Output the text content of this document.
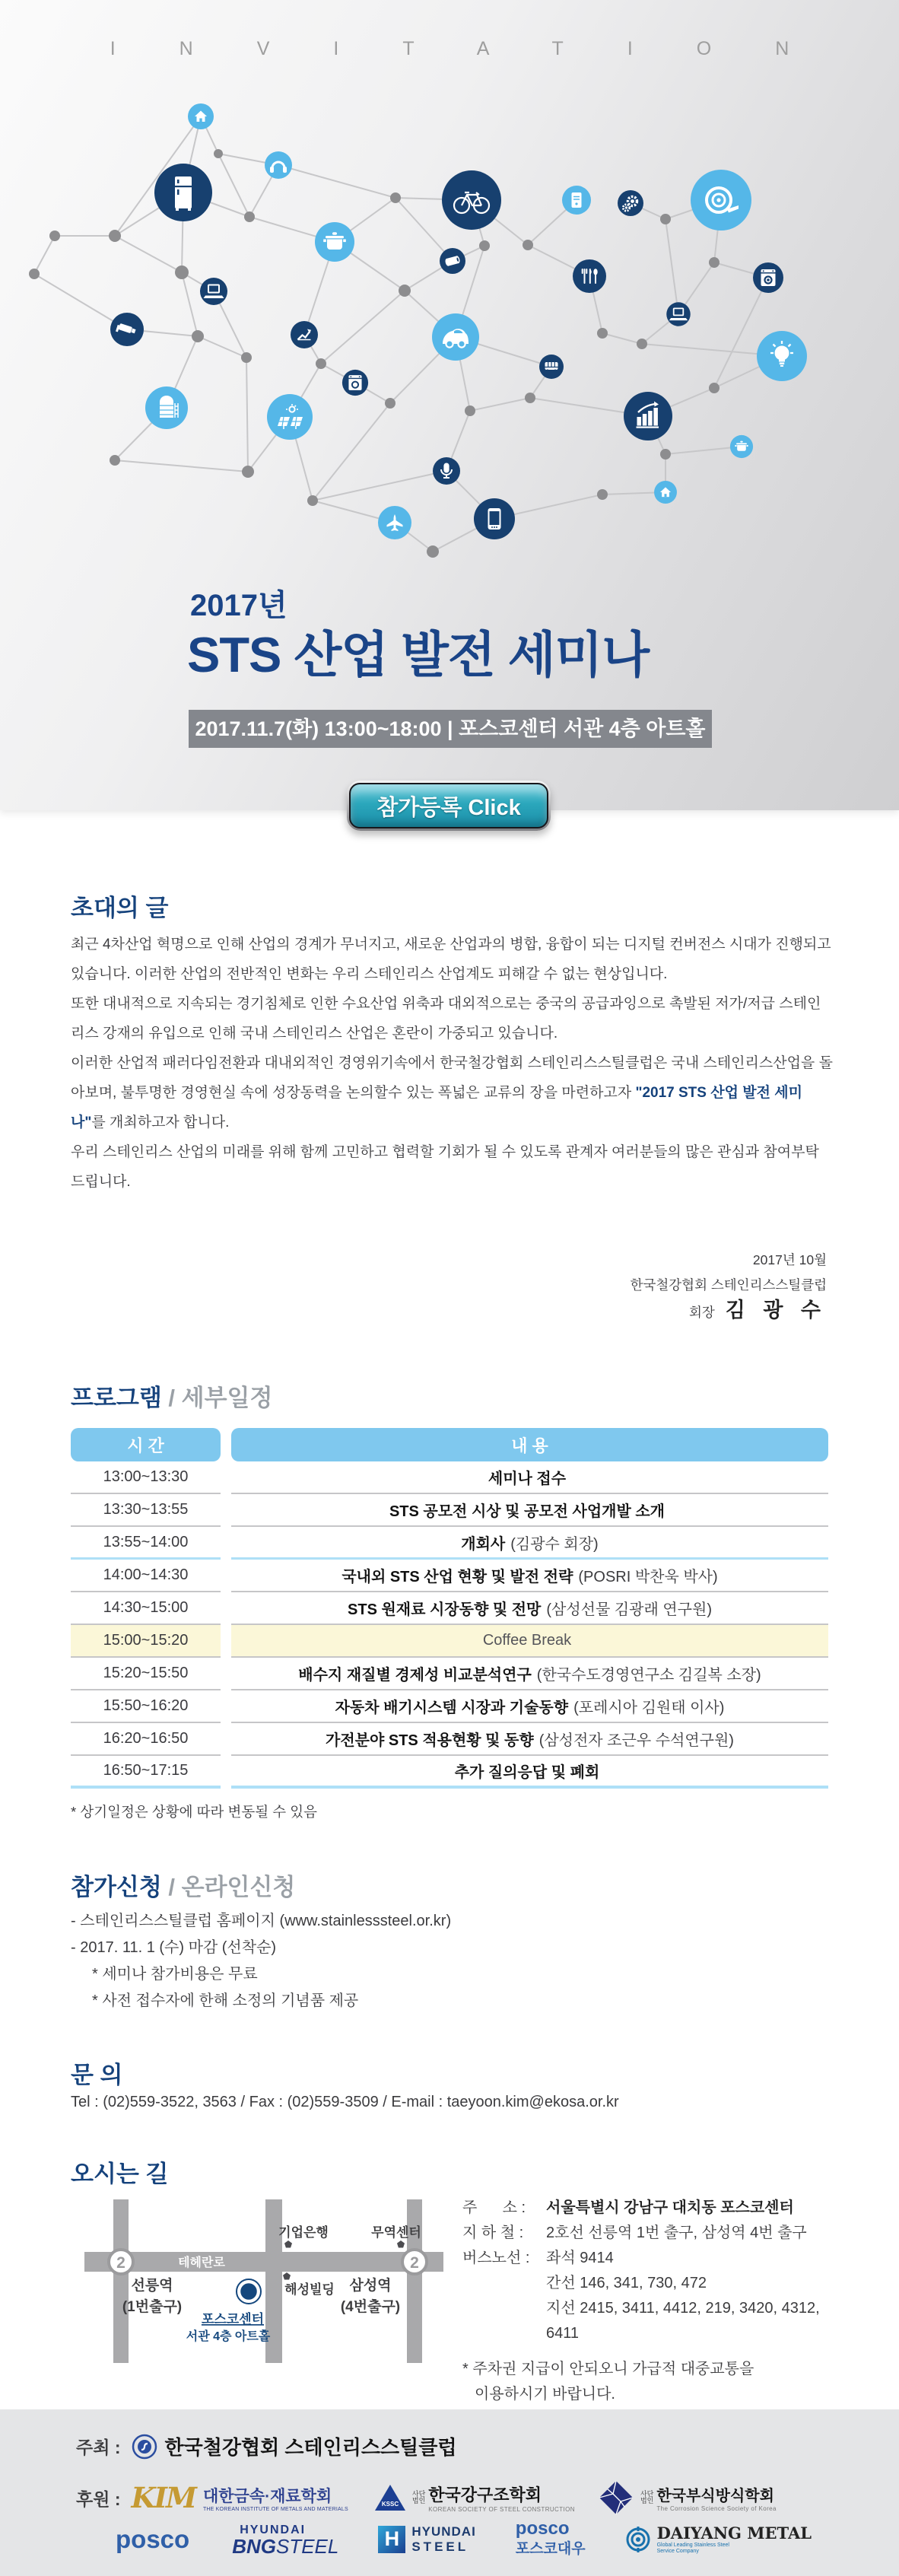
INVITATION
2017년
STS 산업 발전 세미나
2017.11.7(화) 13:00~18:00 | 포스코센터 서관 4층 아트홀
참가등록 Click
초대의 글

최근 4차산업 혁명으로 인해 산업의 경계가 무너지고, 새로운 산업과의 병합, 융합이 되는 디지털 컨버전스 시대가 진행되고 있습니다. 이러한 산업의 전반적인 변화는 우리 스테인리스 산업계도 피해갈 수 없는 현상입니다.

또한 대내적으로 지속되는 경기침체로 인한 수요산업 위축과 대외적으로는 중국의 공급과잉으로 촉발된 저가/저급 스테인리스 강재의 유입으로 인해 국내 스테인리스 산업은 혼란이 가중되고 있습니다.

이러한 산업적 패러다임전환과 대내외적인 경영위기속에서 한국철강협회 스테인리스스틸클럽은 국내 스테인리스산업을 돌아보며, 불투명한 경영현실 속에 성장동력을 논의할수 있는 폭넓은 교류의 장을 마련하고자 "2017 STS 산업 발전 세미나"를 개최하고자 합니다.

우리 스테인리스 산업의 미래를 위해 함께 고민하고 협력할 기회가 될 수 있도록 관계자 여러분들의 많은 관심과 참여부탁드립니다.

2017년 10월
한국철강협회 스테인리스스틸클럽
회장 김 광 수
프로그램 / 세부일정
시 간	내 용
13:00~13:30	세미나 접수
13:30~13:55	STS 공모전 시상 및 공모전 사업개발 소개
13:55~14:00	개회사 (김광수 회장)
14:00~14:30	국내외 STS 산업 현황 및 발전 전략 (POSRI 박찬욱 박사)
14:30~15:00	STS 원재료 시장동향 및 전망 (삼성선물 김광래 연구원)
15:00~15:20	Coffee Break
15:20~15:50	배수지 재질별 경제성 비교분석연구 (한국수도경영연구소 김길복 소장)
15:50~16:20	자동차 배기시스템 시장과 기술동향 (포레시아 김원태 이사)
16:20~16:50	가전분야 STS 적용현황 및 동향 (삼성전자 조근우 수석연구원)
16:50~17:15	추가 질의응답 및 폐회
* 상기일정은 상황에 따라 변동될 수 있음
참가신청 / 온라인신청
- 스테인리스스틸클럽 홈페이지 (www.stainlesssteel.or.kr)
- 2017. 11. 1 (수) 마감 (선착순)
* 세미나 참가비용은 무료
* 사전 접수자에 한해 소정의 기념품 제공
문 의
Tel : (02)559-3522, 3563 / Fax : (02)559-3509 / E-mail : taeyoon.kim@ekosa.or.kr
오시는 길
2	2
테헤란로
기업은행	무역센터
해성빌딩
선릉역
(1번출구)
삼성역
(4번출구)
포스코센터
서관 4층 아트홀
주      소 :	서울특별시 강남구 대치동 포스코센터
지 하 철 :	2호선 선릉역 1번 출구, 삼성역 4번 출구
버스노선 :	좌석 9414
간선 146, 341, 730, 472
지선 2415, 3411, 4412, 219, 3420, 4312, 6411
* 주차권 지급이 안되오니 가급적 대중교통을
이용하시기 바랍니다.
주최 : 한국철강협회 스테인리스스틸클럽
후원 : KIM 대한금속·재료학회
THE KOREAN INSTITUTE OF METALS AND MATERIALS
KSSC
사단
법인 한국강구조학회
KOREAN SOCIETY OF STEEL CONSTRUCTION
사단
법인 한국부식방식학회
The Corrosion Science Society of Korea
posco	HYUNDAI
BNGSTEEL	H HYUNDAI
STEEL
posco
포스코대우
DAIYANG METAL
Global Leading Stainless Steel
Service Company
